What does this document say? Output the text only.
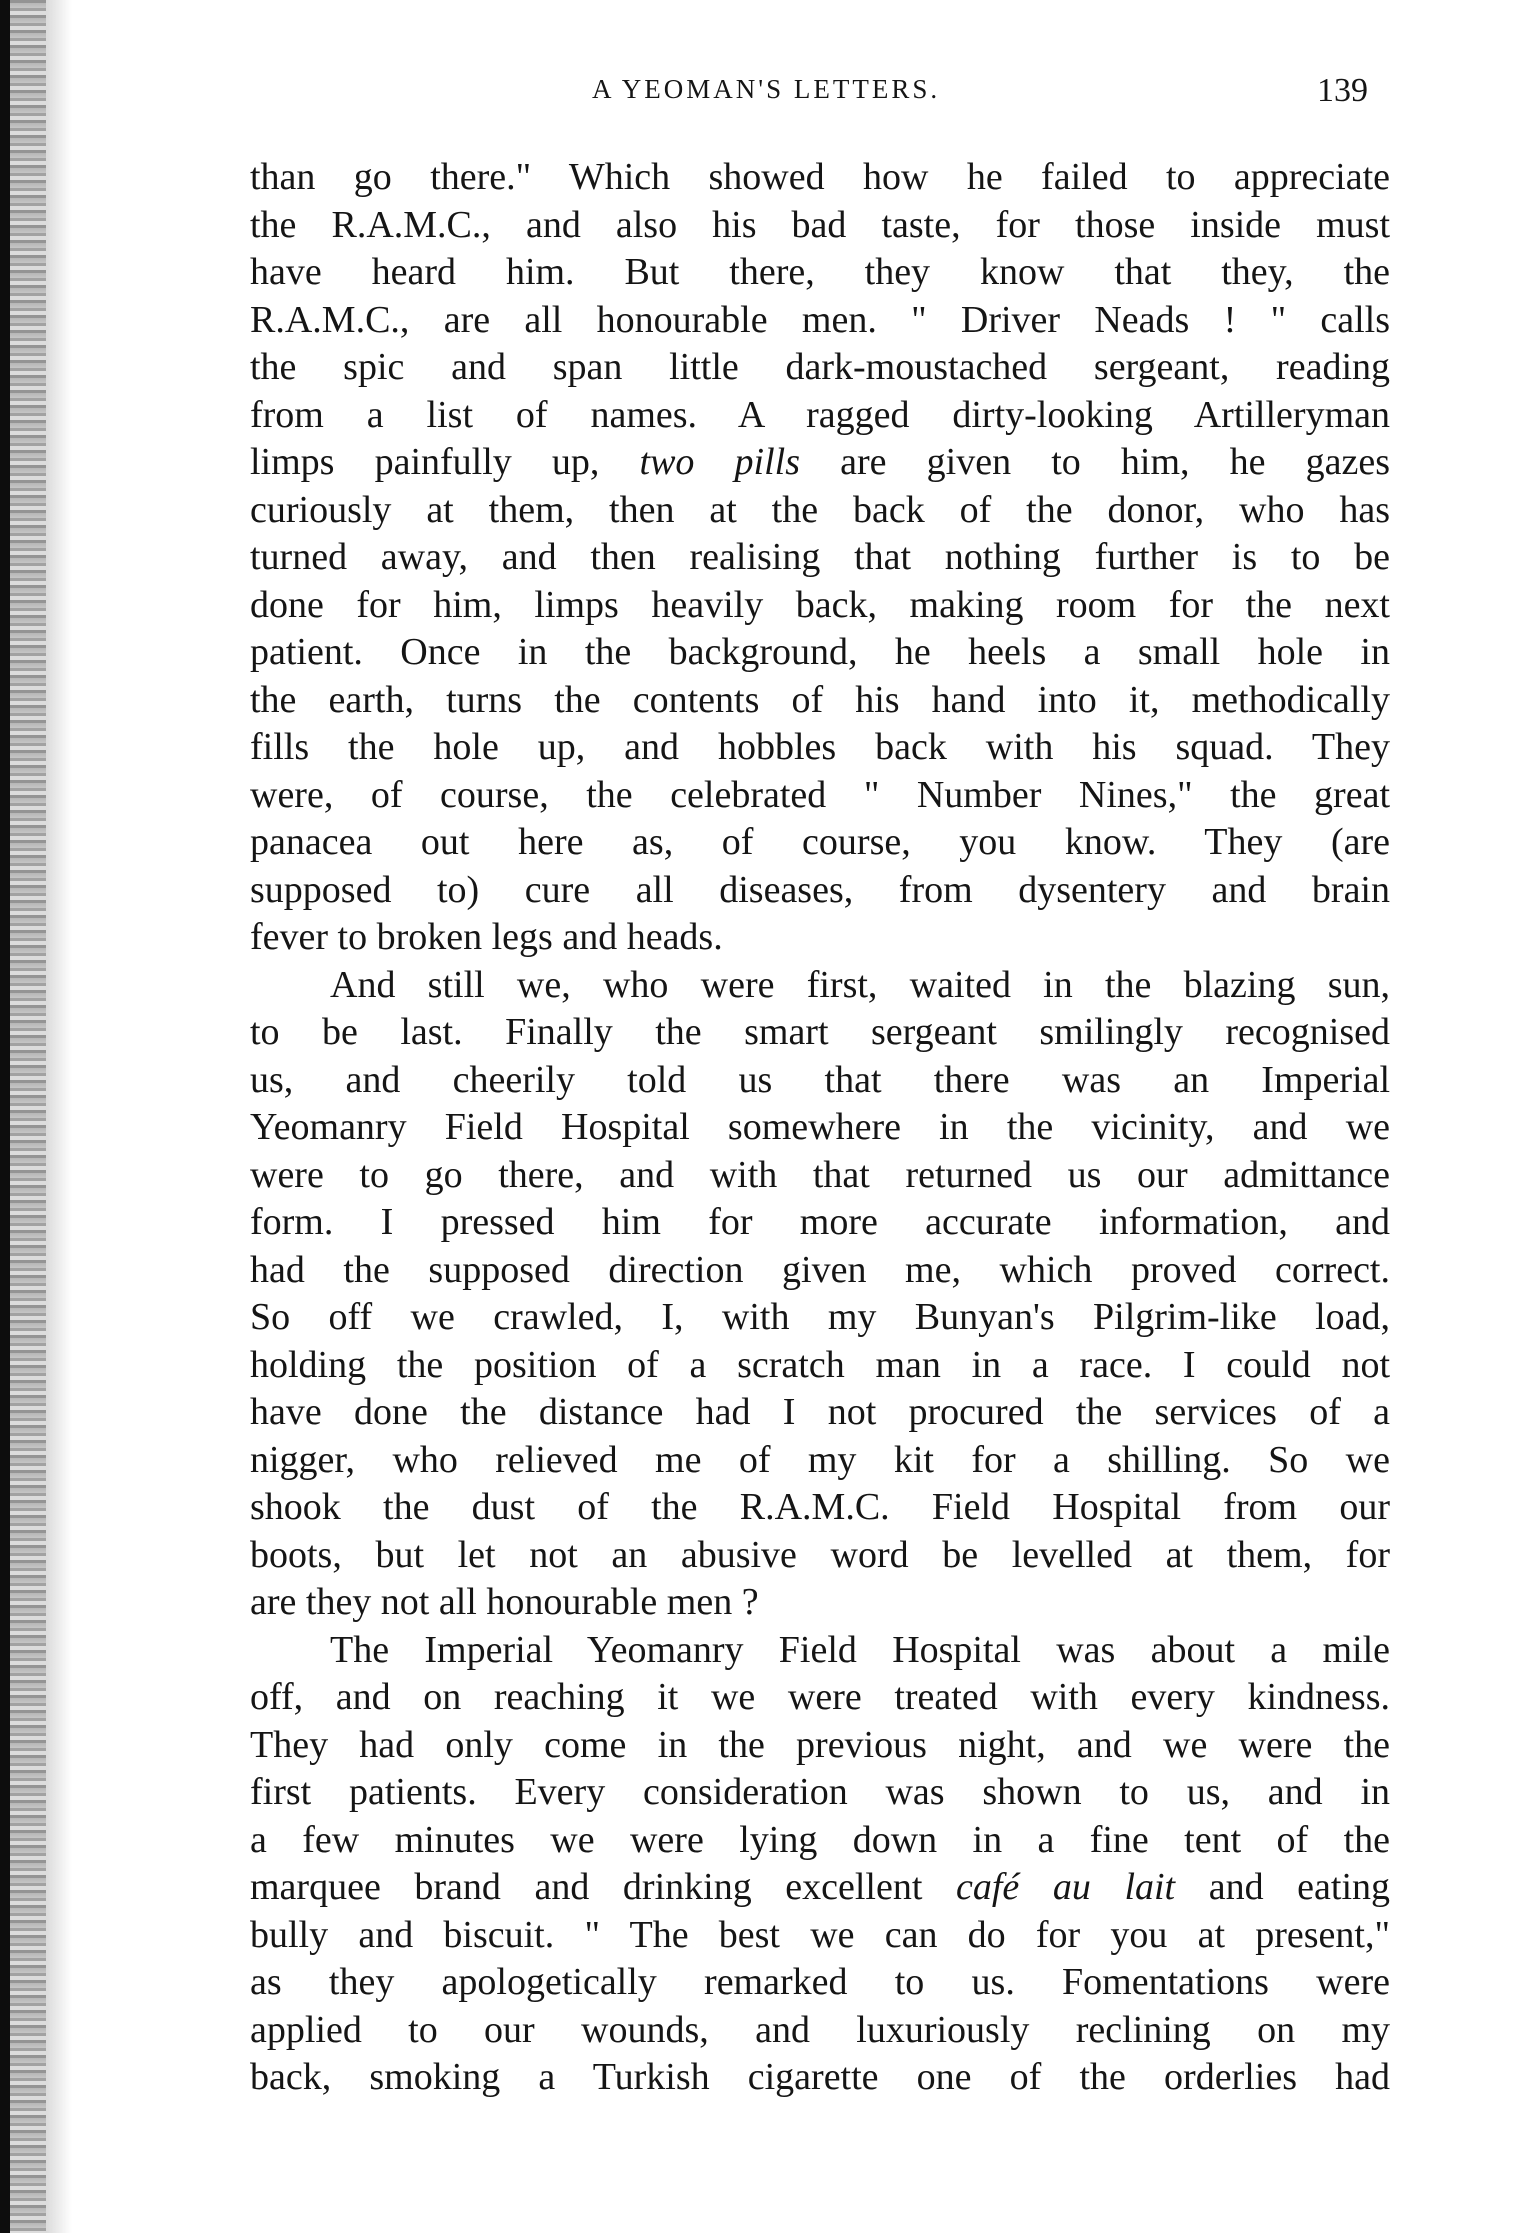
A YEOMAN'S LETTERS.	139
than go there." Which showed how he failed to appreciate
the R.A.M.C., and also his bad taste, for those inside must
have heard him. But there, they know that they, the
R.A.M.C., are all honourable men. " Driver Neads ! " calls
the spic and span little dark-moustached sergeant, reading
from a list of names. A ragged dirty-looking Artilleryman
limps painfully up, two pills are given to him, he gazes
curiously at them, then at the back of the donor, who has
turned away, and then realising that nothing further is to be
done for him, limps heavily back, making room for the next
patient. Once in the background, he heels a small hole in
the earth, turns the contents of his hand into it, methodically
fills the hole up, and hobbles back with his squad. They
were, of course, the celebrated " Number Nines," the great
panacea out here as, of course, you know. They (are
supposed to) cure all diseases, from dysentery and brain
fever to broken legs and heads.
And still we, who were first, waited in the blazing sun,
to be last. Finally the smart sergeant smilingly recognised
us, and cheerily told us that there was an Imperial
Yeomanry Field Hospital somewhere in the vicinity, and we
were to go there, and with that returned us our admittance
form. I pressed him for more accurate information, and
had the supposed direction given me, which proved correct.
So off we crawled, I, with my Bunyan's Pilgrim-like load,
holding the position of a scratch man in a race. I could not
have done the distance had I not procured the services of a
nigger, who relieved me of my kit for a shilling. So we
shook the dust of the R.A.M.C. Field Hospital from our
boots, but let not an abusive word be levelled at them, for
are they not all honourable men ?
The Imperial Yeomanry Field Hospital was about a mile
off, and on reaching it we were treated with every kindness.
They had only come in the previous night, and we were the
first patients. Every consideration was shown to us, and in
a few minutes we were lying down in a fine tent of the
marquee brand and drinking excellent café au lait and eating
bully and biscuit. " The best we can do for you at present,"
as they apologetically remarked to us. Fomentations were
applied to our wounds, and luxuriously reclining on my
back, smoking a Turkish cigarette one of the orderlies had
